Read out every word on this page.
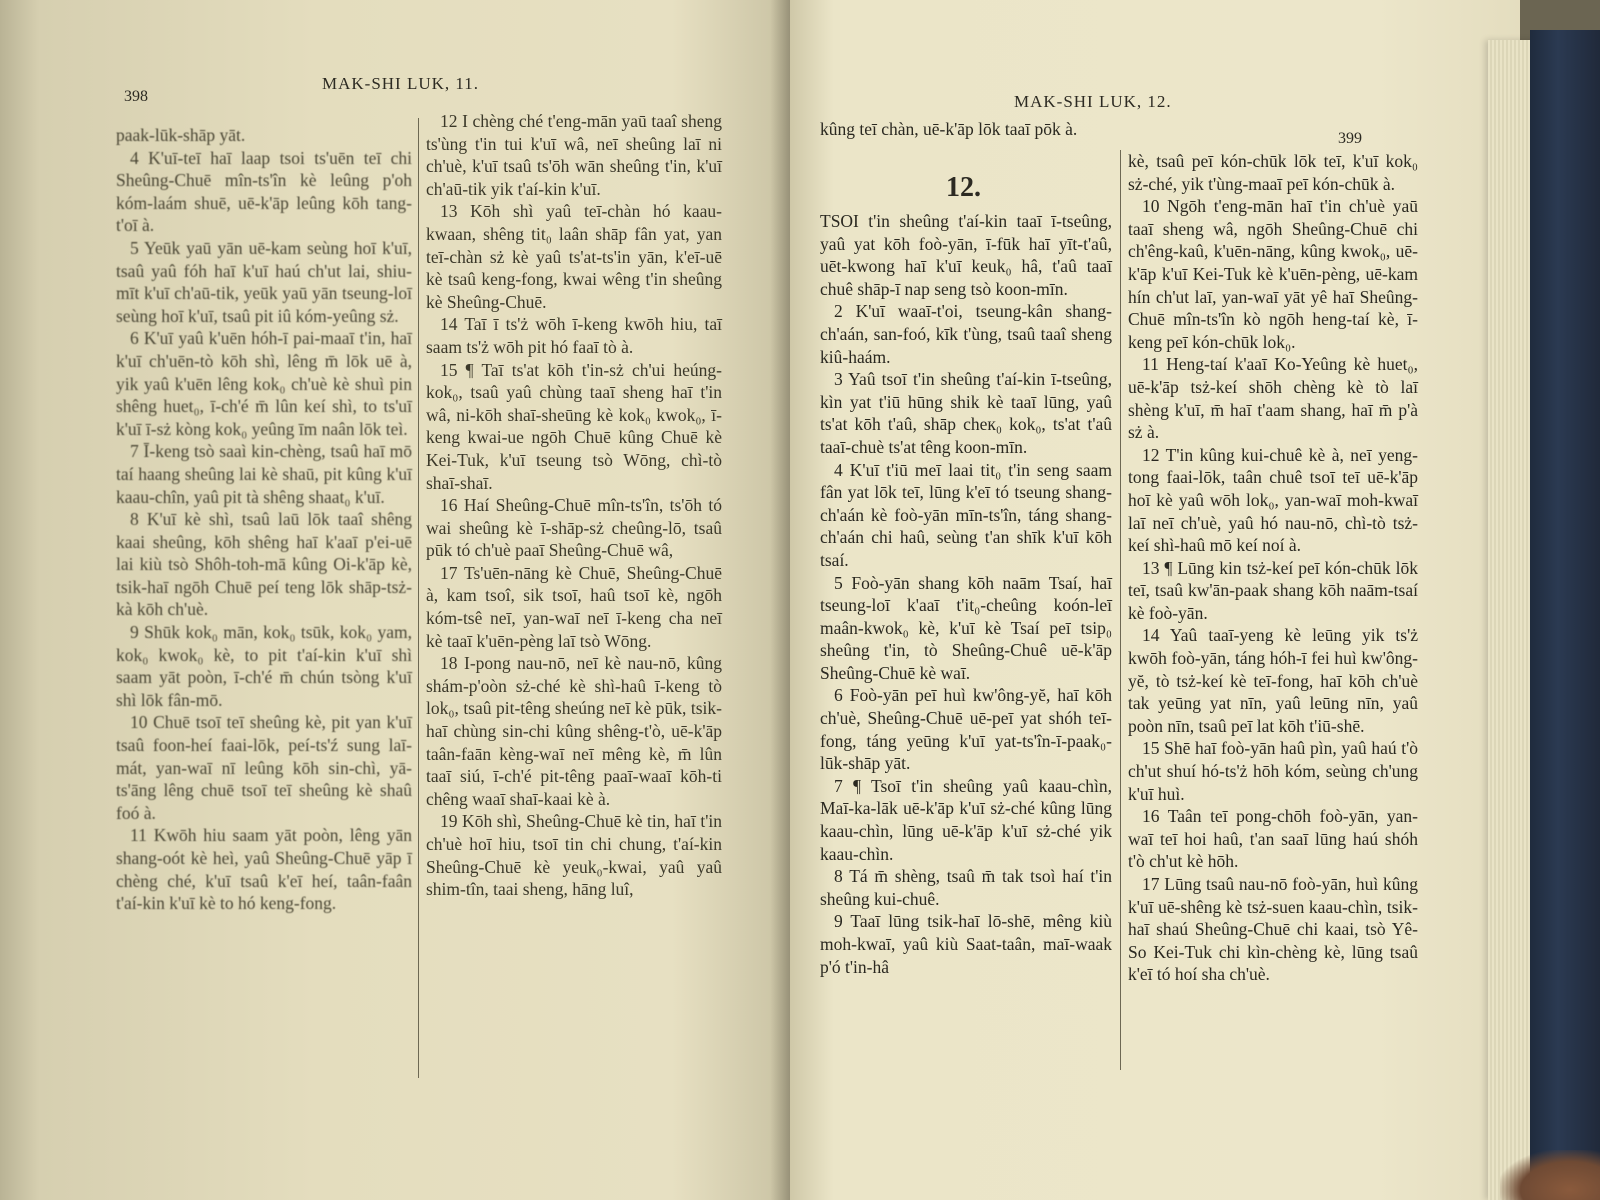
398
MAK-SHI LUK, 11.

paak-lūk-shāp yāt.

4 K'uī-teī haī laap tsoi ts'uēn teī chi Sheûng-Chuē mîn-ts'în kè leûng p'oh kóm-laám shuē, uē-k'āp leûng kōh tang-t'oī à.

5 Yeūk yaū yān uē-kam seùng hoī k'uī, tsaû yaû fóh haī k'uī haú ch'ut lai, shiu-mīt k'uī ch'aū-tik, yeūk yaū yān tseung-loī seùng hoī k'uī, tsaû pit iû kóm-yeûng sż.

6 K'uī yaû k'uēn hóh-ī pai-maaī t'in, haī k'uī ch'uēn-tò kōh shì, lêng m̄ lōk uē à, yik yaû k'uēn lêng kok₀ ch'uè kè shuì pin shêng huet₀, ī-ch'é m̄ lûn keí shì, to ts'uī k'uī ī-sż kòng kok₀ yeûng īm naân lōk teì.

7 Ī-keng tsò saaì kin-chèng, tsaû haī mō taí haang sheûng lai kè shaū, pit kûng k'uī kaau-chîn, yaû pit tà shêng shaat₀ k'uī.

8 K'uī kè shì, tsaû laū lōk taaî shêng kaai sheûng, kōh shêng haī k'aaī p'ei-uē lai kiù tsò Shôh-toh-mā kûng Oi-k'āp kè, tsik-haī ngōh Chuē peí teng lōk shāp-tsż-kà kōh ch'uè.

9 Shūk kok₀ mān, kok₀ tsūk, kok₀ yam, kok₀ kwok₀ kè, to pit t'aí-kin k'uī shì saam yāt poòn, ī-ch'é m̄ chún tsòng k'uī shì lōk fân-mō.

10 Chuē tsoī teī sheûng kè, pit yan k'uī tsaû foon-heí faai-lōk, peí-ts'ź sung laī-mát, yan-waī nī leûng kōh sin-chì, yā-ts'āng lêng chuē tsoī teī sheûng kè shaû foó à.

11 Kwōh hiu saam yāt poòn, lêng yān shang-oót kè heì, yaû Sheûng-Chuē yāp ī chèng ché, k'uī tsaû k'eī heí, taân-faân t'aí-kin k'uī kè to hó keng-fong.

12 I chèng ché t'eng-mān yaū taaî sheng ts'ùng t'in tui k'uī wâ, neī sheûng laī ni ch'uè, k'uī tsaû ts'ōh wān sheûng t'in, k'uī ch'aū-tik yik t'aí-kin k'uī.

13 Kōh shì yaû teī-chàn hó kaau-kwaan, shêng tit₀ laân shāp fân yat, yan teī-chàn sż kè yaû ts'at-ts'in yān, k'eī-uē kè tsaû keng-fong, kwai wêng t'in sheûng kè Sheûng-Chuē.

14 Taī ī ts'ż wōh ī-keng kwōh hiu, taī saam ts'ż wōh pit hó faaī tò à.

15 ¶ Taī ts'at kōh t'in-sż ch'ui heúng-kok₀, tsaû yaû chùng taaī sheng haī t'in wâ, ni-kōh shaī-sheūng kè kok₀ kwok₀, ī-keng kwai-ue ngōh Chuē kûng Chuē kè Kei-Tuk, k'uī tseung tsò Wōng, chì-tò shaī-shaī.

16 Haí Sheûng-Chuē mîn-ts'în, ts'ōh tó wai sheûng kè ī-shāp-sż cheûng-lō, tsaû pūk tó ch'uè paaī Sheûng-Chuē wâ,

17 Ts'uēn-nāng kè Chuē, Sheûng-Chuē à, kam tsoî, sik tsoī, haû tsoī kè, ngōh kóm-tsê neī, yan-waī neī ī-keng cha neī kè taaī k'uēn-pèng laī tsò Wōng.

18 I-pong nau-nō, neī kè nau-nō, kûng shám-p'oòn sż-ché kè shì-haû ī-keng tò lok₀, tsaû pit-têng sheúng neī kè pūk, tsik-haī chùng sin-chi kûng shêng-t'ò, uē-k'āp taân-faān kèng-waī neī mêng kè, m̄ lûn taaī siú, ī-ch'é pit-têng paaī-waaī kōh-ti chêng waaī shaī-kaai kè à.

19 Kōh shì, Sheûng-Chuē kè tin, haī t'in ch'uè hoī hiu, tsoī tin chi chung, t'aí-kin Sheûng-Chuē kè yeuk₀-kwai, yaû yaû shim-tîn, taai sheng, hāng luî,

MAK-SHI LUK, 12.
399

kûng teī chàn, uē-k'āp lōk taaī pōk à.

12.

TSOI t'in sheûng t'aí-kin taaī ī-tseûng, yaû yat kōh foò-yān, ī-fūk haī yīt-t'aû, uēt-kwong haī k'uī keuk₀ hâ, t'aû taaī chuê shāp-ī nap seng tsò koon-mīn.

2 K'uī waaī-t'oi, tseung-kân shang-ch'aán, san-foó, kīk t'ùng, tsaû taaî sheng kiû-haám.

3 Yaû tsoī t'in sheûng t'aí-kin ī-tseûng, kìn yat t'iū hūng shik kè taaī lūng, yaû ts'at kōh t'aû, shāp cheк₀ kok₀, ts'at t'aû taaī-chuè ts'at têng koon-mīn.

4 K'uī t'iū meī laai tit₀ t'in seng saam fân yat lōk teī, lūng k'eī tó tseung shang-ch'aán kè foò-yān mīn-ts'în, táng shang-ch'aán chi haû, seùng t'an shīk k'uī kōh tsaí.

5 Foò-yān shang kōh naām Tsaí, haī tseung-loī k'aaī t'it₀-cheûng koón-leī maân-kwok₀ kè, k'uī kè Tsaí peī tsip₀ sheûng t'in, tò Sheûng-Chuê uē-k'āp Sheûng-Chuē kè waī.

6 Foò-yān peī huì kw'ông-yĕ, haī kōh ch'uè, Sheûng-Chuē uē-peī yat shóh teī-fong, táng yeūng k'uī yat-ts'în-ī-paak₀-lūk-shāp yāt.

7 ¶ Tsoī t'in sheûng yaû kaau-chìn, Maī-ka-lāk uē-k'āp k'uī sż-ché kûng lūng kaau-chìn, lūng uē-k'āp k'uī sż-ché yik kaau-chìn.

8 Tá m̄ shèng, tsaû m̄ tak tsoì haí t'in sheûng kui-chuê.

9 Taaī lūng tsik-haī lō-shē, mêng kiù moh-kwaī, yaû kiù Saat-taân, maī-waak p'ó t'in-hâ

kè, tsaû peī kón-chūk lōk teī, k'uī kok₀ sż-ché, yik t'ùng-maaī peī kón-chūk à.

10 Ngōh t'eng-mān haī t'in ch'uè yaū taaī sheng wâ, ngōh Sheûng-Chuē chi ch'êng-kaû, k'uēn-nāng, kûng kwok₀, uē-k'āp k'uī Kei-Tuk kè k'uēn-pèng, uē-kam hín ch'ut laī, yan-waī yāt yê haī Sheûng-Chuē mîn-ts'în kò ngōh heng-taí kè, ī-keng peī kón-chūk lok₀.

11 Heng-taí k'aaī Ko-Yeûng kè huet₀, uē-k'āp tsż-keí shōh chèng kè tò laī shèng k'uī, m̄ haī t'aam shang, haī m̄ p'à sż à.

12 T'in kûng kui-chuê kè à, neī yeng-tong faai-lōk, taân chuê tsoī teī uē-k'āp hoī kè yaû wōh lok₀, yan-waī moh-kwaī laī neī ch'uè, yaû hó nau-nō, chì-tò tsż-keí shì-haû mō keí noí à.

13 ¶ Lūng kin tsż-keí peī kón-chūk lōk teī, tsaû kw'ān-paak shang kōh naām-tsaí kè foò-yān.

14 Yaû taaī-yeng kè leūng yik ts'ż kwōh foò-yān, táng hóh-ī fei huì kw'ông-yĕ, tò tsż-keí kè teī-fong, haī kōh ch'uè tak yeūng yat nīn, yaû leūng nīn, yaû poòn nīn, tsaû peī lat kōh t'iū-shē.

15 Shē haī foò-yān haû pìn, yaû haú t'ò ch'ut shuí hó-ts'ż hōh kóm, seùng ch'ung k'uī huì.

16 Taân teī pong-chōh foò-yān, yan-waī teī hoi haû, t'an saaī lūng haú shóh t'ò ch'ut kè hōh.

17 Lūng tsaû nau-nō foò-yān, huì kûng k'uī uē-shêng kè tsż-suen kaau-chìn, tsik-haī shaú Sheûng-Chuē chi kaai, tsò Yê-So Kei-Tuk chi kìn-chèng kè, lūng tsaû k'eī tó hoí sha ch'uè.
